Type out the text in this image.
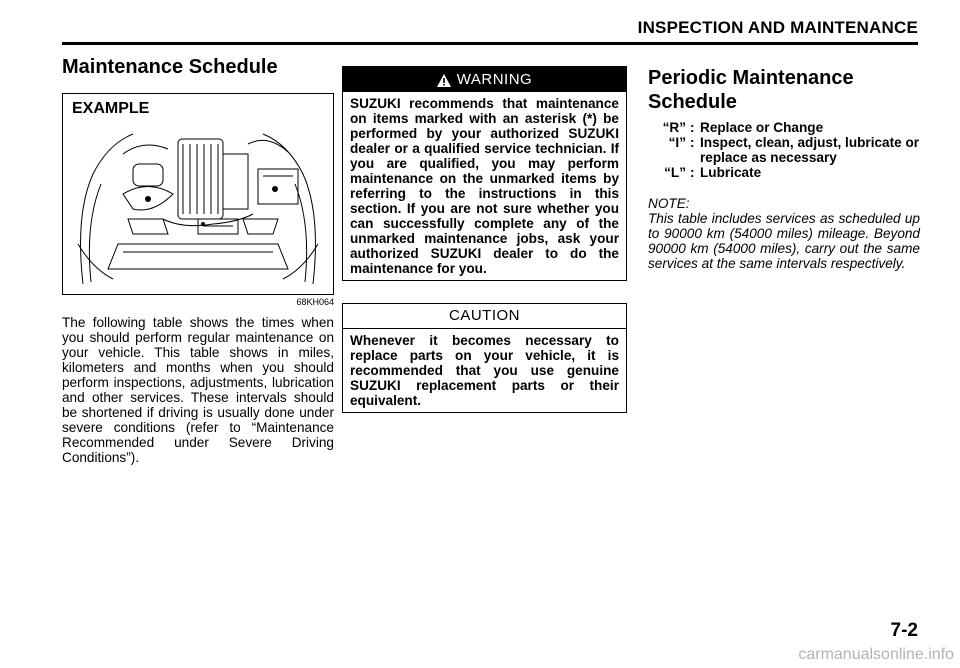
INSPECTION AND MAINTENANCE
Maintenance Schedule
EXAMPLE
68KH064

The following table shows the times when you should perform regular maintenance on your vehicle. This table shows in miles, kilometers and months when you should perform inspections, adjustments, lubrication and other services. These intervals should be shortened if driving is usually done under severe conditions (refer to “Maintenance Recommended under Severe Driving Conditions”).

WARNING

SUZUKI recommends that maintenance on items marked with an asterisk (*) be performed by your authorized SUZUKI dealer or a qualified service technician. If you are qualified, you may perform maintenance on the unmarked items by referring to the instructions in this section. If you are not sure whether you can successfully complete any of the unmarked maintenance jobs, ask your authorized SUZUKI dealer to do the maintenance for you.

CAUTION

Whenever it becomes necessary to replace parts on your vehicle, it is recommended that you use genuine SUZUKI replacement parts or their equivalent.

Periodic Maintenance
Schedule
“R” : Replace or Change
“I” : Inspect, clean, adjust, lubricate or replace as necessary
“L” : Lubricate

NOTE:

This table includes services as scheduled up to 90000 km (54000 miles) mileage. Beyond 90000 km (54000 miles), carry out the same services at the same intervals respectively.

7-2
carmanualsonline.info
